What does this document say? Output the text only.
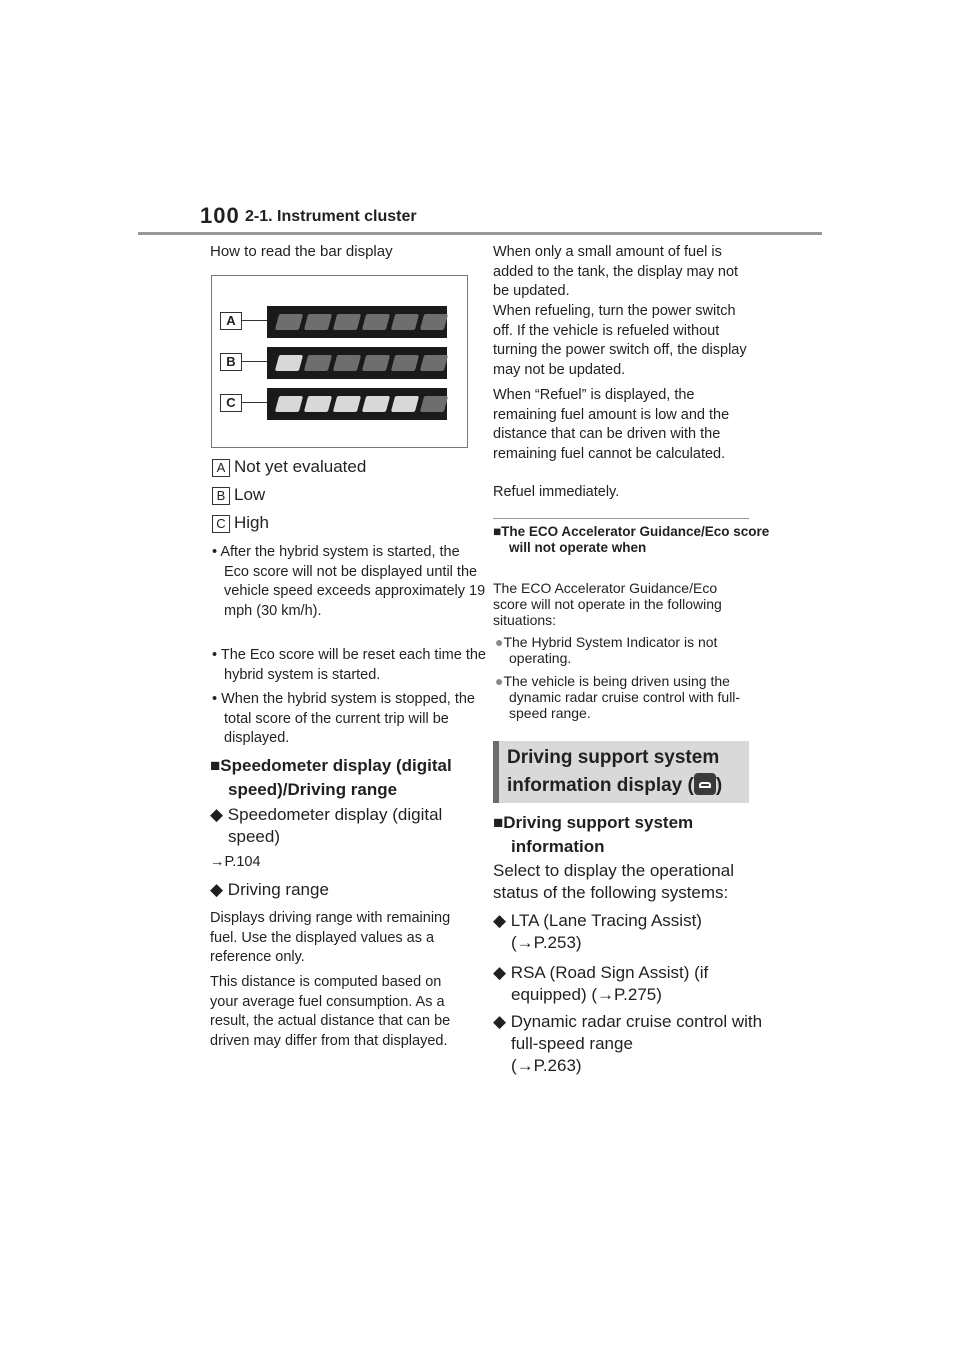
100 2-1. Instrument cluster
How to read the bar display
A
B
C
A Not yet evaluated
B Low
C High
• After the hybrid system is started, the Eco score will not be displayed until the vehicle speed exceeds approximately 19 mph (30 km/h).
• The Eco score will be reset each time the hybrid system is started.
• When the hybrid system is stopped, the total score of the current trip will be displayed.
■Speedometer display (digital speed)/Driving range
◆ Speedometer display (digital speed)
→P.104
◆ Driving range
Displays driving range with remaining fuel. Use the displayed values as a reference only.
This distance is computed based on your average fuel consumption. As a result, the actual distance that can be driven may differ from that displayed.
When only a small amount of fuel is added to the tank, the display may not be updated.
When refueling, turn the power switch off. If the vehicle is refueled without turning the power switch off, the display may not be updated.
When “Refuel” is displayed, the remaining fuel amount is low and the distance that can be driven with the remaining fuel cannot be calculated.
Refuel immediately.
■The ECO Accelerator Guidance/Eco score will not operate when
The ECO Accelerator Guidance/Eco score will not operate in the following situations:
●The Hybrid System Indicator is not operating.
●The vehicle is being driven using the dynamic radar cruise control with full-speed range.
Driving support system
information display ( )
■Driving support system information
Select to display the operational status of the following systems:
◆ LTA (Lane Tracing Assist)
(→P.253)
◆ RSA (Road Sign Assist) (if equipped) (→P.275)
◆ Dynamic radar cruise control with full-speed range
(→P.263)
